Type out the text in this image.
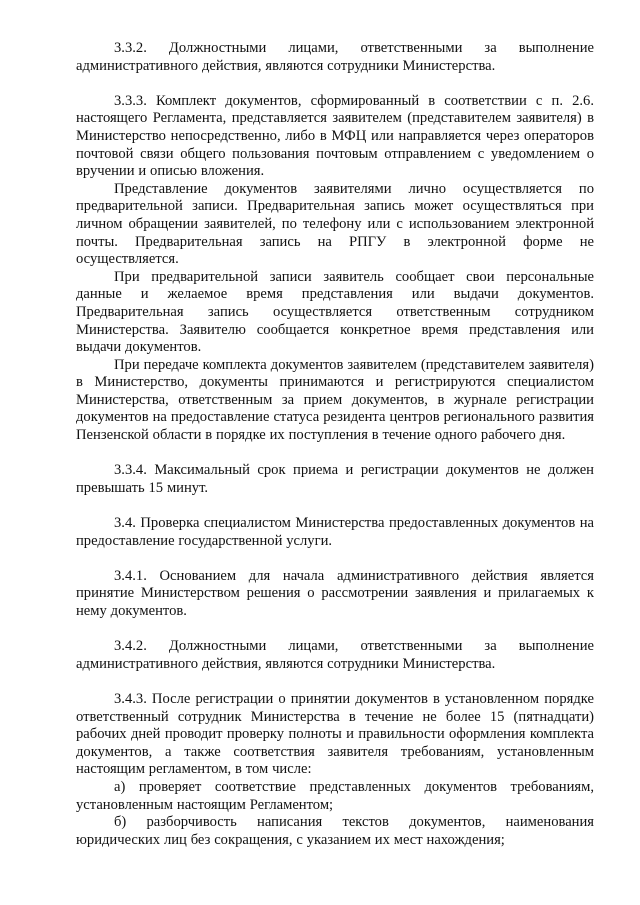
3.3.2. Должностными лицами, ответственными за выполнение административного действия, являются сотрудники Министерства.

3.3.3. Комплект документов, сформированный в соответствии с п. 2.6. настоящего Регламента, представляется заявителем (представителем заявителя) в Министерство непосредственно, либо в МФЦ или направляется через операторов почтовой связи общего пользования почтовым отправлением с уведомлением о вручении и описью вложения.

Представление документов заявителями лично осуществляется по предварительной записи. Предварительная запись может осуществляться при личном обращении заявителей, по телефону или с использованием электронной почты. Предварительная запись на РПГУ в электронной форме не осуществляется.

При предварительной записи заявитель сообщает свои персональные данные и желаемое время представления или выдачи документов. Предварительная запись осуществляется ответственным сотрудником Министерства. Заявителю сообщается конкретное время представления или выдачи документов.

При передаче комплекта документов заявителем (представителем заявителя) в Министерство, документы принимаются и регистрируются специалистом Министерства, ответственным за прием документов, в журнале регистрации документов на предоставление статуса резидента центров регионального развития Пензенской области в порядке их поступления в течение одного рабочего дня.

3.3.4. Максимальный срок приема и регистрации документов не должен превышать 15 минут.

3.4. Проверка специалистом Министерства предоставленных документов на предоставление государственной услуги.

3.4.1. Основанием для начала административного действия является принятие Министерством решения о рассмотрении заявления и прилагаемых к нему документов.

3.4.2. Должностными лицами, ответственными за выполнение административного действия, являются сотрудники Министерства.

3.4.3. После регистрации о принятии документов в установленном порядке ответственный сотрудник Министерства в течение не более 15 (пятнадцати) рабочих дней проводит проверку полноты и правильности оформления комплекта документов, а также соответствия заявителя требованиям, установленным настоящим регламентом, в том числе:

а) проверяет соответствие представленных документов требованиям, установленным настоящим Регламентом;

б) разборчивость написания текстов документов, наименования юридических лиц без сокращения, с указанием их мест нахождения;
